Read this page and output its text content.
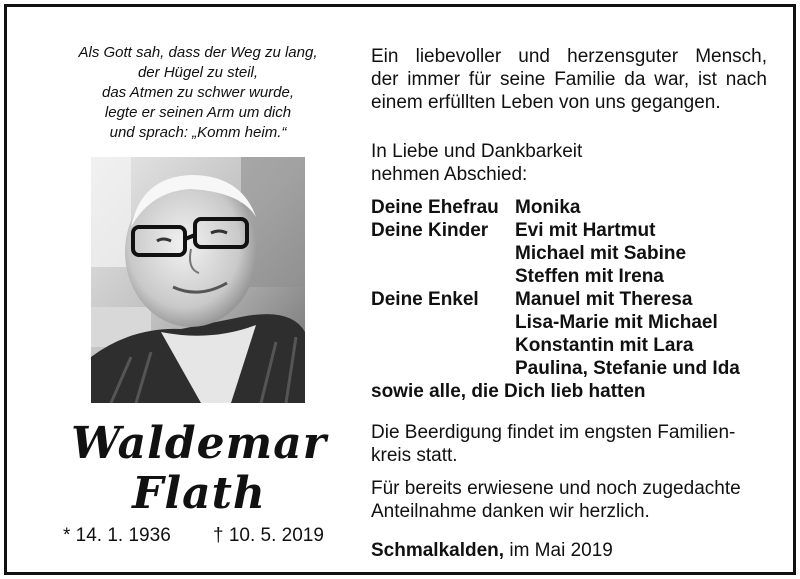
Als Gott sah, dass der Weg zu lang,
der Hügel zu steil,
das Atmen zu schwer wurde,
legte er seinen Arm um dich
und sprach: „Komm heim.“
Waldemar
Flath
* 14. 1. 1936 † 10. 5. 2019
Ein liebevoller und herzensguter Mensch,
der immer für seine Familie da war, ist nach
einem erfüllten Leben von uns gegangen.
In Liebe und Dankbarkeit
nehmen Abschied:
Deine Ehefrau Monika
Deine Kinder	Evi mit Hartmut
Michael mit Sabine
Steffen mit Irena
Deine Enkel	Manuel mit Theresa
Lisa-Marie mit Michael
Konstantin mit Lara
Paulina, Stefanie und Ida
sowie alle, die Dich lieb hatten
Die Beerdigung findet im engsten Familien-
kreis statt.
Für bereits erwiesene und noch zugedachte
Anteilnahme danken wir herzlich.
Schmalkalden, im Mai 2019
